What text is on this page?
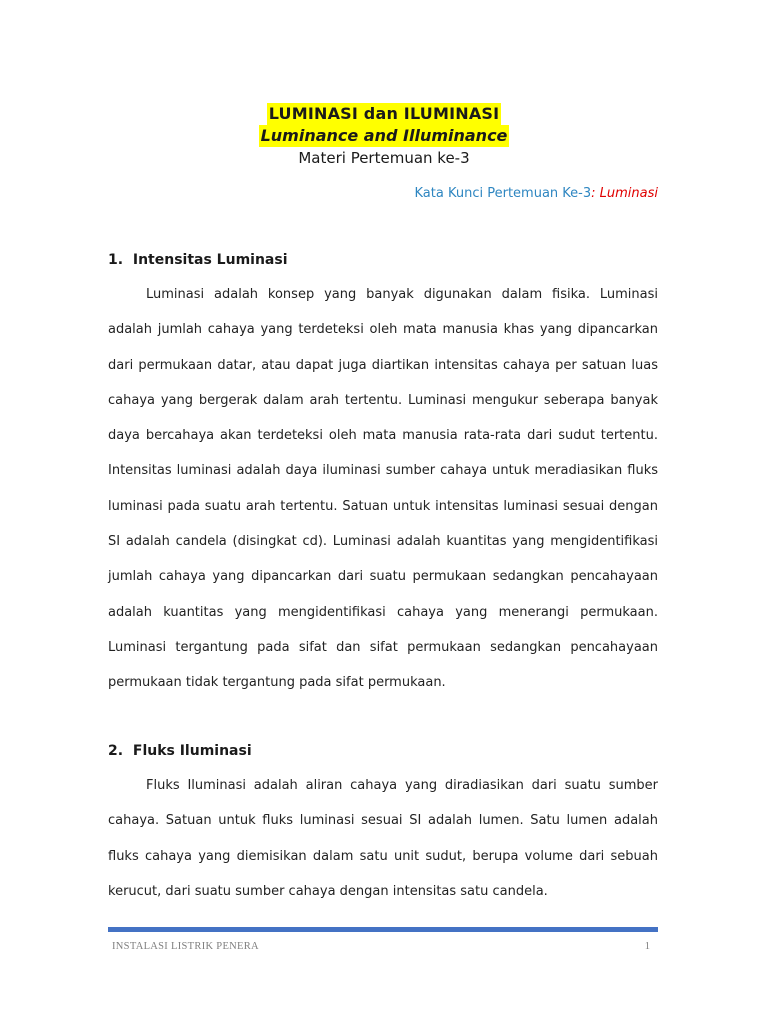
LUMINASI dan ILUMINASI
Luminance and Illuminance
Materi Pertemuan ke-3
Kata Kunci Pertemuan Ke-3: Luminasi
1. Intensitas Luminasi
Luminasi adalah konsep yang banyak digunakan dalam fisika. Luminasi adalah jumlah cahaya yang terdeteksi oleh mata manusia khas yang dipancarkan dari permukaan datar, atau dapat juga diartikan intensitas cahaya per satuan luas cahaya yang bergerak dalam arah tertentu. Luminasi mengukur seberapa banyak daya bercahaya akan terdeteksi oleh mata manusia rata-rata dari sudut tertentu. Intensitas luminasi adalah daya iluminasi sumber cahaya untuk meradiasikan fluks luminasi pada suatu arah tertentu. Satuan untuk intensitas luminasi sesuai dengan SI adalah candela (disingkat cd). Luminasi adalah kuantitas yang mengidentifikasi jumlah cahaya yang dipancarkan dari suatu permukaan sedangkan pencahayaan adalah kuantitas yang mengidentifikasi cahaya yang menerangi permukaan. Luminasi tergantung pada sifat dan sifat permukaan sedangkan pencahayaan permukaan tidak tergantung pada sifat permukaan.
2. Fluks Iluminasi
Fluks Iluminasi adalah aliran cahaya yang diradiasikan dari suatu sumber cahaya. Satuan untuk fluks luminasi sesuai SI adalah lumen. Satu lumen adalah fluks cahaya yang diemisikan dalam satu unit sudut, berupa volume dari sebuah kerucut, dari suatu sumber cahaya dengan intensitas satu candela.
INSTALASI LISTRIK PENERA	1
